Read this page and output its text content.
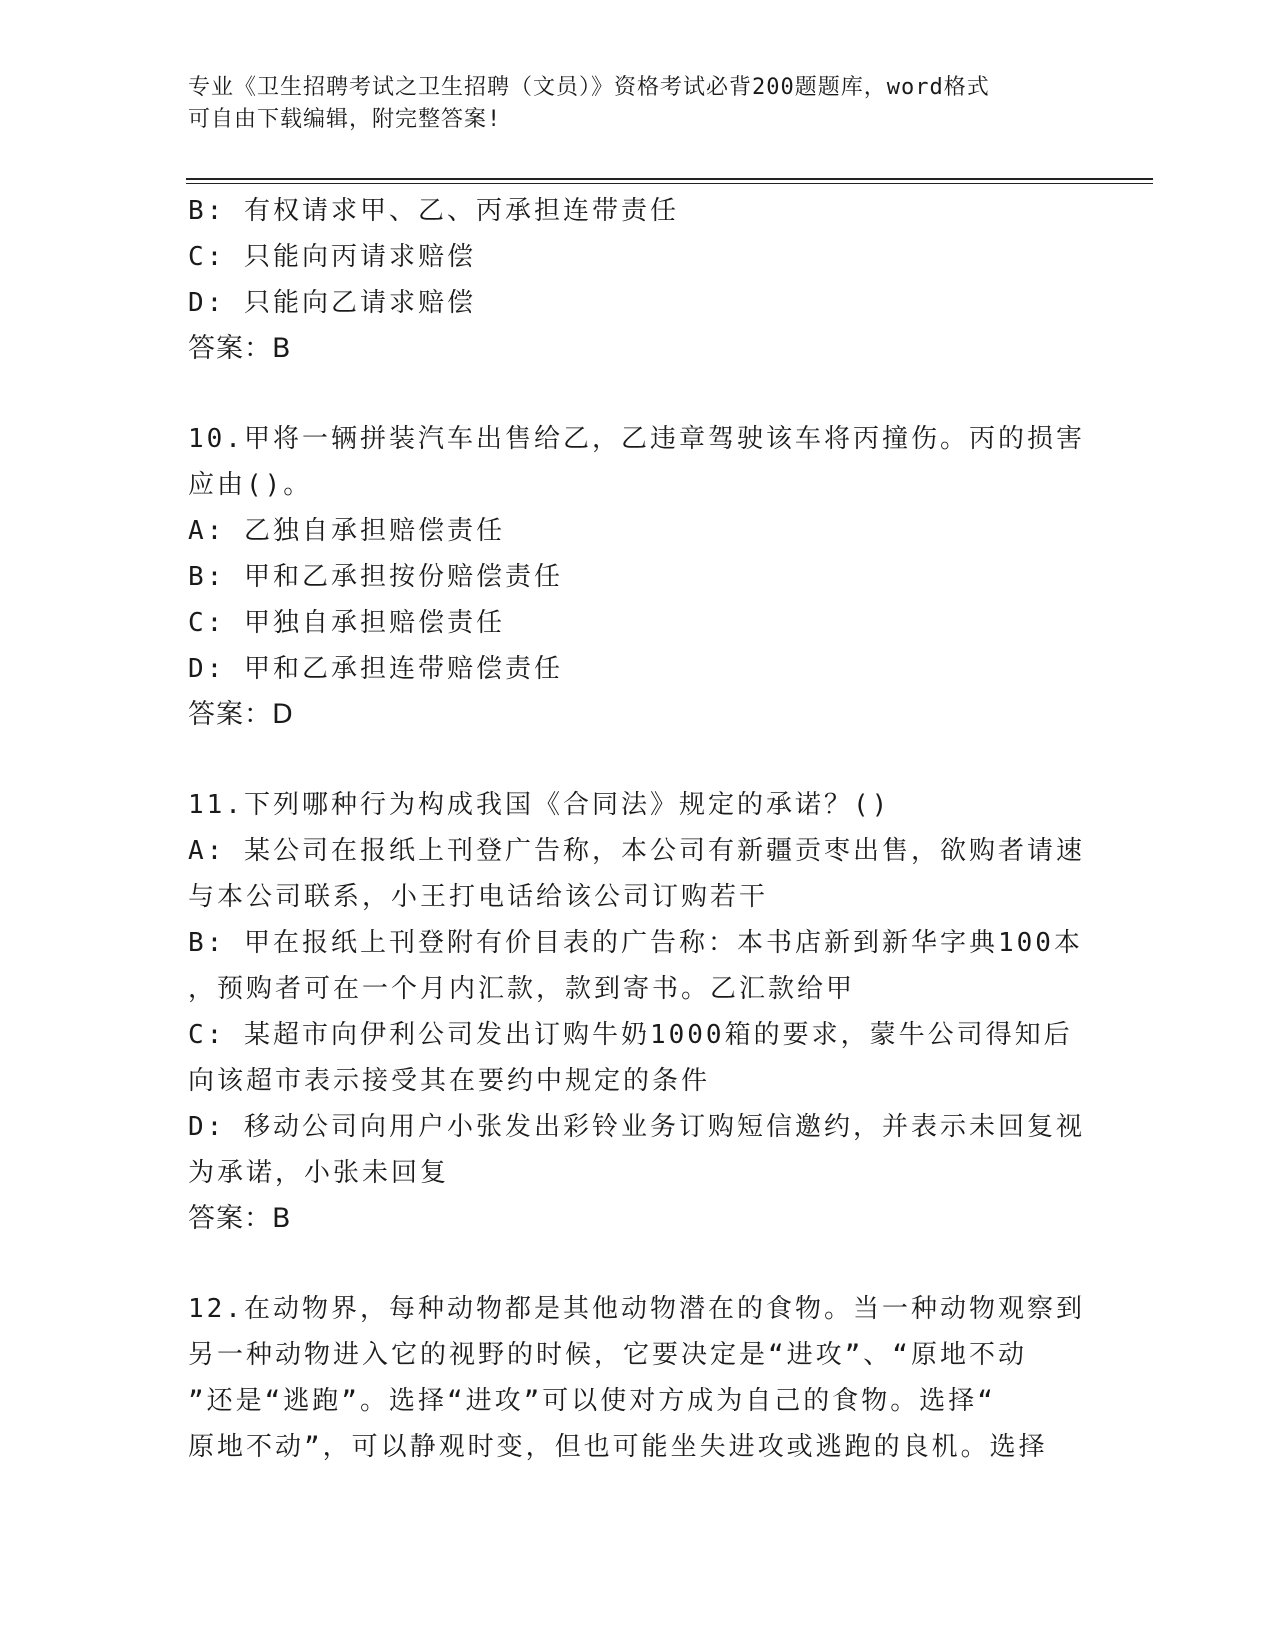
专业《卫生招聘考试之卫生招聘（文员）》资格考试必背200题题库，word格式
可自由下载编辑，附完整答案!
B: 有权请求甲、乙、丙承担连带责任
C: 只能向丙请求赔偿
D: 只能向乙请求赔偿
答案：B
10.甲将一辆拼装汽车出售给乙，乙违章驾驶该车将丙撞伤。丙的损害
应由()。
A: 乙独自承担赔偿责任
B: 甲和乙承担按份赔偿责任
C: 甲独自承担赔偿责任
D: 甲和乙承担连带赔偿责任
答案：D
11.下列哪种行为构成我国《合同法》规定的承诺？()
A: 某公司在报纸上刊登广告称，本公司有新疆贡枣出售，欲购者请速
与本公司联系，小王打电话给该公司订购若干
B: 甲在报纸上刊登附有价目表的广告称：本书店新到新华字典100本
，预购者可在一个月内汇款，款到寄书。乙汇款给甲
C: 某超市向伊利公司发出订购牛奶1000箱的要求，蒙牛公司得知后
向该超市表示接受其在要约中规定的条件
D: 移动公司向用户小张发出彩铃业务订购短信邀约，并表示未回复视
为承诺，小张未回复
答案：B
12.在动物界，每种动物都是其他动物潜在的食物。当一种动物观察到
另一种动物进入它的视野的时候，它要决定是“进攻”、“原地不动
”还是“逃跑”。选择“进攻”可以使对方成为自己的食物。选择“
原地不动”，可以静观时变，但也可能坐失进攻或逃跑的良机。选择
